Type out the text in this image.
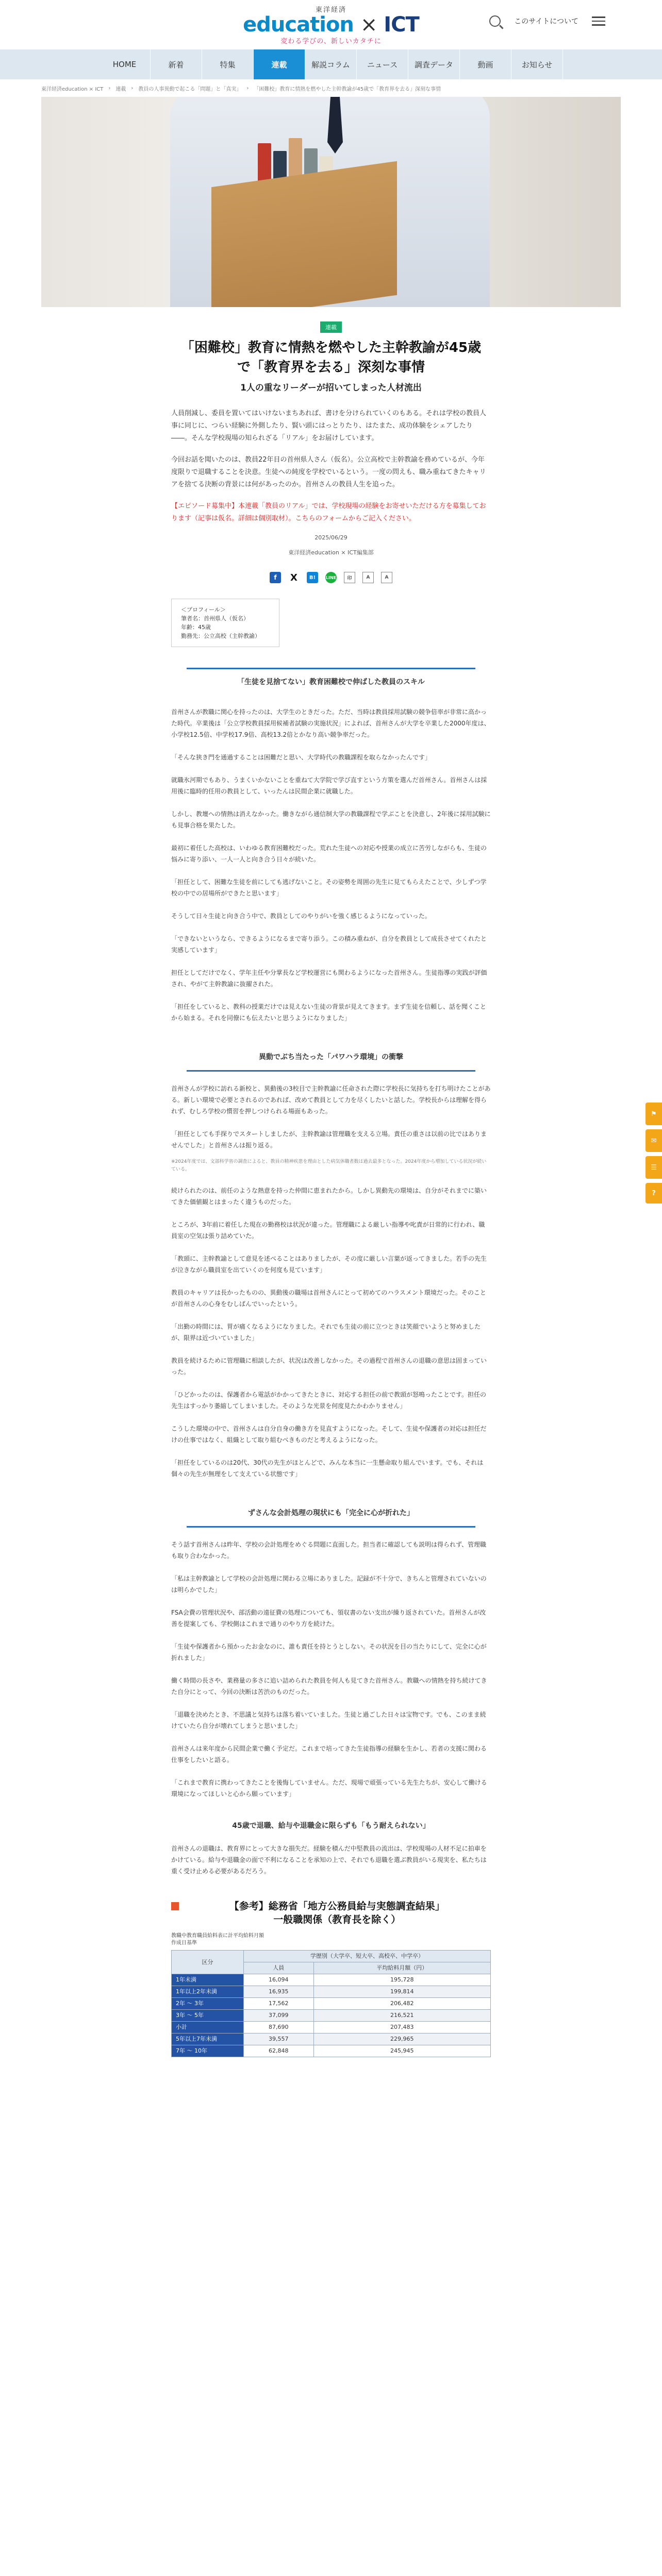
東洋経済
education × ICT
変わる学びの、新しいカタチに
このサイトについて
HOME	新着	特集	連載	解説コラム	ニュース	調査データ	動画	お知らせ
東洋経済education × ICT › 連載 › 教員の人事異動で起こる「問題」と「真実」 › 「困難校」教育に情熱を燃やした主幹教諭が45歳で「教育界を去る」深刻な事情
連載
「困難校」教育に情熱を燃やした主幹教諭が45歳
で「教育界を去る」深刻な事情
1人の重なリーダーが招いてしまった人材流出

人員削減し、委員を置いてはいけないまちあれば、書けを分けられていくのもある。それは学校の教員人事に同じに、つらい経験に外側したり、賢い頭にはっとりたり、はたまた、成功体験をシェアしたり――。そんな学校現場の知られざる「リアル」をお届けしています。

今回お話を聞いたのは、教員22年目の首州県人さん（仮名）。公立高校で主幹教諭を務めているが、今年度限りで退職することを決意。生徒への純度を学校でいるという。一度の問えも、職み重ねてきたキャリアを捨てる決断の背景には何があったのか。首州さんの教員人生を追った。

【エピソード募集中】本連載「教員のリアル」では、学校現場の経験をお寄せいただける方を募集しております（記事は仮名。詳細は個別取材）。こちらのフォームからご記入ください。
2025/06/29
東洋経済education × ICT編集部
f	X	B!	LINE	印	A	A
＜プロフィール＞
筆者名：首州県人（仮名）
年齢：45歳
勤務先：公立高校（主幹教諭）
「生徒を見捨てない」教育困難校で伸ばした教員のスキル

首州さんが教職に関心を持ったのは、大学生のときだった。ただ、当時は教員採用試験の競争倍率が非常に高かった時代。卒業後は「公立学校教員採用候補者試験の実施状況」によれば、首州さんが大学を卒業した2000年度は、小学校12.5倍、中学校17.9倍、高校13.2倍とかなり高い競争率だった。

「そんな狭き門を通過することは困難だと思い、大学時代の教職課程を取らなかったんです」

就職氷河期でもあり、うまくいかないことを重ねて大学院で学び直すという方策を選んだ首州さん。首州さんは採用後に臨時的任用の教員として、いったんは民間企業に就職した。

しかし、教壇への情熱は消えなかった。働きながら通信制大学の教職課程で学ぶことを決意し、2年後に採用試験にも見事合格を果たした。

最初に着任した高校は、いわゆる教育困難校だった。荒れた生徒への対応や授業の成立に苦労しながらも、生徒の悩みに寄り添い、一人一人と向き合う日々が続いた。

「担任として、困難な生徒を前にしても逃げないこと。その姿勢を周囲の先生に見てもらえたことで、少しずつ学校の中での居場所ができたと思います」

そうして日々生徒と向き合う中で、教員としてのやりがいを強く感じるようになっていった。

「できないというなら、できるようになるまで寄り添う。この積み重ねが、自分を教員として成長させてくれたと実感しています」

担任としてだけでなく、学年主任や分掌長など学校運営にも関わるようになった首州さん。生徒指導の実践が評価され、やがて主幹教諭に抜擢された。

「担任をしていると、教科の授業だけでは見えない生徒の背景が見えてきます。まず生徒を信頼し、話を聞くことから始まる。それを同僚にも伝えたいと思うようになりました」

異動でぶち当たった「パワハラ環境」の衝撃

首州さんが学校に訪れる新校と、異動後の3校目で主幹教諭に任命された際に学校長に気持ちを打ち明けたことがある。新しい環境で必要とされるのであれば、改めて教員として力を尽くしたいと話した。学校長からは理解を得られず、むしろ学校の慣習を押しつけられる場面もあった。

「担任としても手探りでスタートしましたが、主幹教諭は管理職を支える立場。責任の重さは以前の比ではありませんでした」と首州さんは振り返る。

※2024年度では、文部科学省の調査によると、教員の精神疾患を理由とした病気休職者数は過去最多となった。2024年度から増加している状況が続いている。

続けられたのは、前任のような熱意を持った仲間に恵まれたから。しかし異動先の環境は、自分がそれまでに築いてきた価値観とはまったく違うものだった。

ところが、3年前に着任した現在の勤務校は状況が違った。管理職による厳しい指導や叱責が日常的に行われ、職員室の空気は張り詰めていた。

「教頭に、主幹教諭として意見を述べることはありましたが、その度に厳しい言葉が返ってきました。若手の先生が泣きながら職員室を出ていくのを何度も見ています」

教員のキャリアは長かったものの、異動後の職場は首州さんにとって初めてのハラスメント環境だった。そのことが首州さんの心身をむしばんでいったという。

「出勤の時間には、胃が痛くなるようになりました。それでも生徒の前に立つときは笑顔でいようと努めましたが、限界は近づいていました」

教員を続けるために管理職に相談したが、状況は改善しなかった。その過程で首州さんの退職の意思は固まっていった。

「ひどかったのは、保護者から電話がかかってきたときに、対応する担任の前で教頭が怒鳴ったことです。担任の先生はすっかり萎縮してしまいました。そのような光景を何度見たかわかりません」

こうした環境の中で、首州さんは自分自身の働き方を見直すようになった。そして、生徒や保護者の対応は担任だけの仕事ではなく、組織として取り組むべきものだと考えるようになった。

「担任をしているのは20代、30代の先生がほとんどで、みんな本当に一生懸命取り組んでいます。でも、それは個々の先生が無理をして支えている状態です」

ずさんな会計処理の現状にも「完全に心が折れた」

そう話す首州さんは昨年、学校の会計処理をめぐる問題に直面した。担当者に確認しても説明は得られず、管理職も取り合わなかった。

「私は主幹教諭として学校の会計処理に関わる立場にありました。記録が不十分で、きちんと管理されていないのは明らかでした」

FSA会費の管理状況や、部活動の遠征費の処理についても、領収書のない支出が繰り返されていた。首州さんが改善を提案しても、学校側はこれまで通りのやり方を続けた。

「生徒や保護者から預かったお金なのに、誰も責任を持とうとしない。その状況を目の当たりにして、完全に心が折れました」

働く時間の長さや、業務量の多さに追い詰められた教員を何人も見てきた首州さん。教職への情熱を持ち続けてきた自分にとって、今回の決断は苦渋のものだった。

「退職を決めたとき、不思議と気持ちは落ち着いていました。生徒と過ごした日々は宝物です。でも、このまま続けていたら自分が壊れてしまうと思いました」

首州さんは来年度から民間企業で働く予定だ。これまで培ってきた生徒指導の経験を生かし、若者の支援に関わる仕事をしたいと語る。

「これまで教育に携わってきたことを後悔していません。ただ、現場で頑張っている先生たちが、安心して働ける環境になってほしいと心から願っています」

45歳で退職、給与や退職金に限らずも「もう耐えられない」

首州さんの退職は、教育界にとって大きな損失だ。経験を積んだ中堅教員の流出は、学校現場の人材不足に拍車をかけている。給与や退職金の面で不利になることを承知の上で、それでも退職を選ぶ教員がいる現実を、私たちは重く受け止める必要があるだろう。

【参考】総務省「地方公務員給与実態調査結果」
一般職関係（教育長を除く）
教職中教育職員給料表に計平均給料月額
作成日基準
区分	学歴別（大学卒、短大卒、高校卒、中学卒）	
	人員	平均給料月額（円）
1年未満	16,094	195,728
1年以上2年未満	16,935	199,814
2年 ～ 3年	17,562	206,482
3年 ～ 5年	37,099	216,521
小計	87,690	207,483
5年以上7年未満	39,557	229,965
7年 ～ 10年	62,848	245,945
⚑
✉
☰
?
